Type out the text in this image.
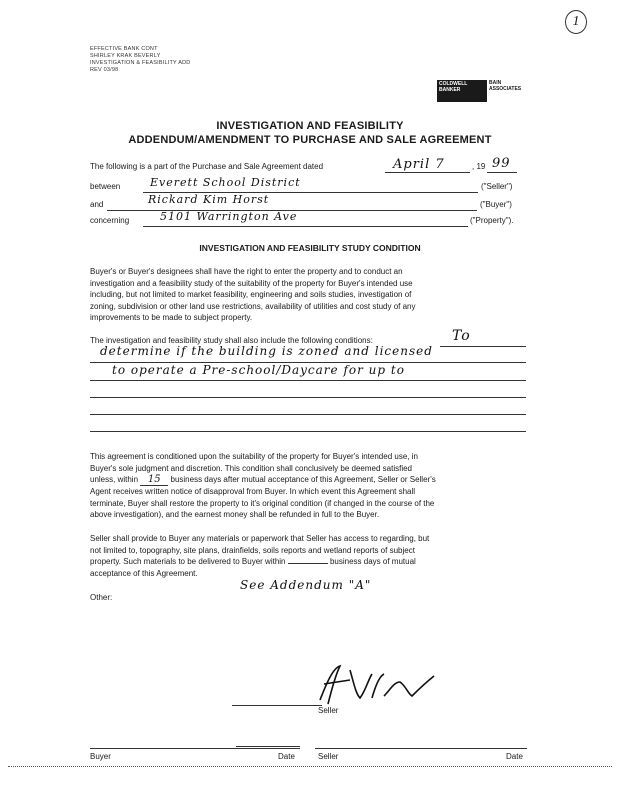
1
EFFECTIVE BANK CONT
SHIRLEY KRAK BEVERLY
INVESTIGATION & FEASIBILITY ADD
REV 03/98
COLDWELL BANKER
BAIN ASSOCIATES
INVESTIGATION AND FEASIBILITY
ADDENDUM/AMENDMENT TO PURCHASE AND SALE AGREEMENT
The following is a part of the Purchase and Sale Agreement dated	April 7	, 19 99
between	Everett School District	("Seller")
and	Rickard Kim Horst	("Buyer")
concerning	5101 Warrington Ave	("Property").
INVESTIGATION AND FEASIBILITY STUDY CONDITION
Buyer's or Buyer's designees shall have the right to enter the property and to conduct an
investigation and a feasibility study of the suitability of the property for Buyer's intended use
including, but not limited to market feasibility, engineering and soils studies, investigation of
zoning, subdivision or other land use restrictions, availability of utilities and cost study of any
improvements to be made to subject property.
The investigation and feasibility study shall also include the following conditions:	To
determine if the building is zoned and licensed
to operate a Pre-school/Daycare for up to
This agreement is conditioned upon the suitability of the property for Buyer's intended use, in
Buyer's sole judgment and discretion. This condition shall conclusively be deemed satisfied
unless, within 15 business days after mutual acceptance of this Agreement, Seller or Seller's
Agent receives written notice of disapproval from Buyer. In which event this Agreement shall
terminate, Buyer shall restore the property to it's original condition (if changed in the course of the
above investigation), and the earnest money shall be refunded in full to the Buyer.
Seller shall provide to Buyer any materials or paperwork that Seller has access to regarding, but
not limited to, topography, site plans, drainfields, soils reports and wetland reports of subject
property. Such materials to be delivered to Buyer within	business days of mutual
acceptance of this Agreement.
See Addendum "A"
Other:
Seller
Buyer	Date	Seller	Date
